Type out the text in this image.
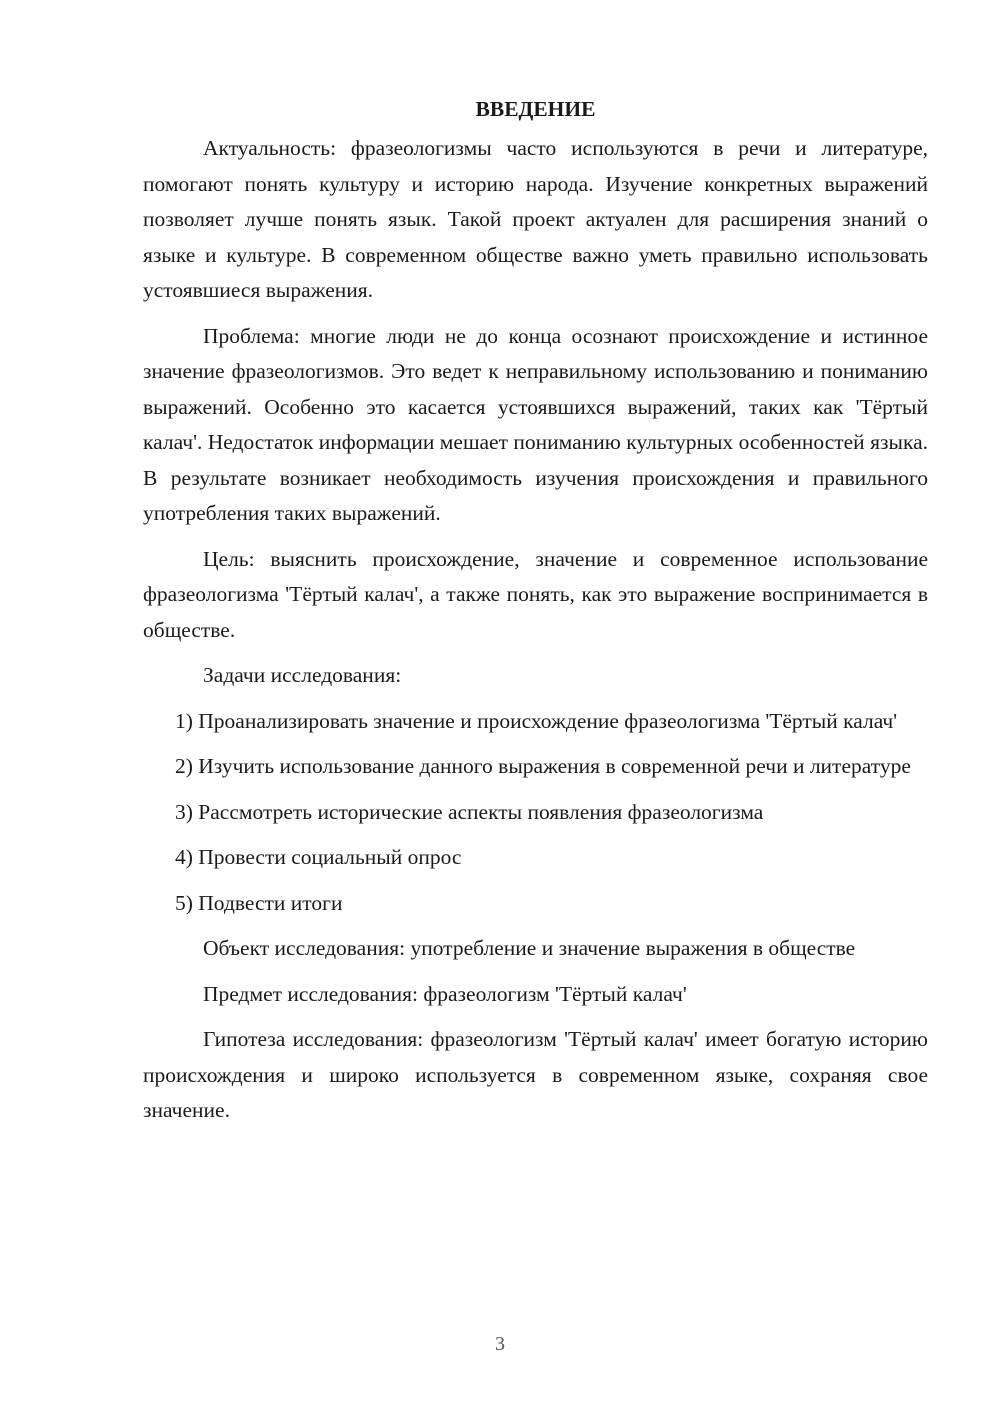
ВВЕДЕНИЕ

Актуальность: фразеологизмы часто используются в речи и литературе, помогают понять культуру и историю народа. Изучение конкретных выражений позволяет лучше понять язык. Такой проект актуален для расширения знаний о языке и культуре. В современном обществе важно уметь правильно использовать устоявшиеся выражения.

Проблема: многие люди не до конца осознают происхождение и истинное значение фразеологизмов. Это ведет к неправильному использованию и пониманию выражений. Особенно это касается устоявшихся выражений, таких как 'Тёртый калач'. Недостаток информации мешает пониманию культурных особенностей языка. В результате возникает необходимость изучения происхождения и правильного употребления таких выражений.

Цель: выяснить происхождение, значение и современное использование фразеологизма 'Тёртый калач', а также понять, как это выражение воспринимается в обществе.

Задачи исследования:

1) Проанализировать значение и происхождение фразеологизма 'Тёртый калач'

2) Изучить использование данного выражения в современной речи и литературе

3) Рассмотреть исторические аспекты появления фразеологизма

4) Провести социальный опрос

5) Подвести итоги

Объект исследования: употребление и значение выражения в обществе

Предмет исследования: фразеологизм 'Тёртый калач'

Гипотеза исследования: фразеологизм 'Тёртый калач' имеет богатую историю происхождения и широко используется в современном языке, сохраняя свое значение.

3
